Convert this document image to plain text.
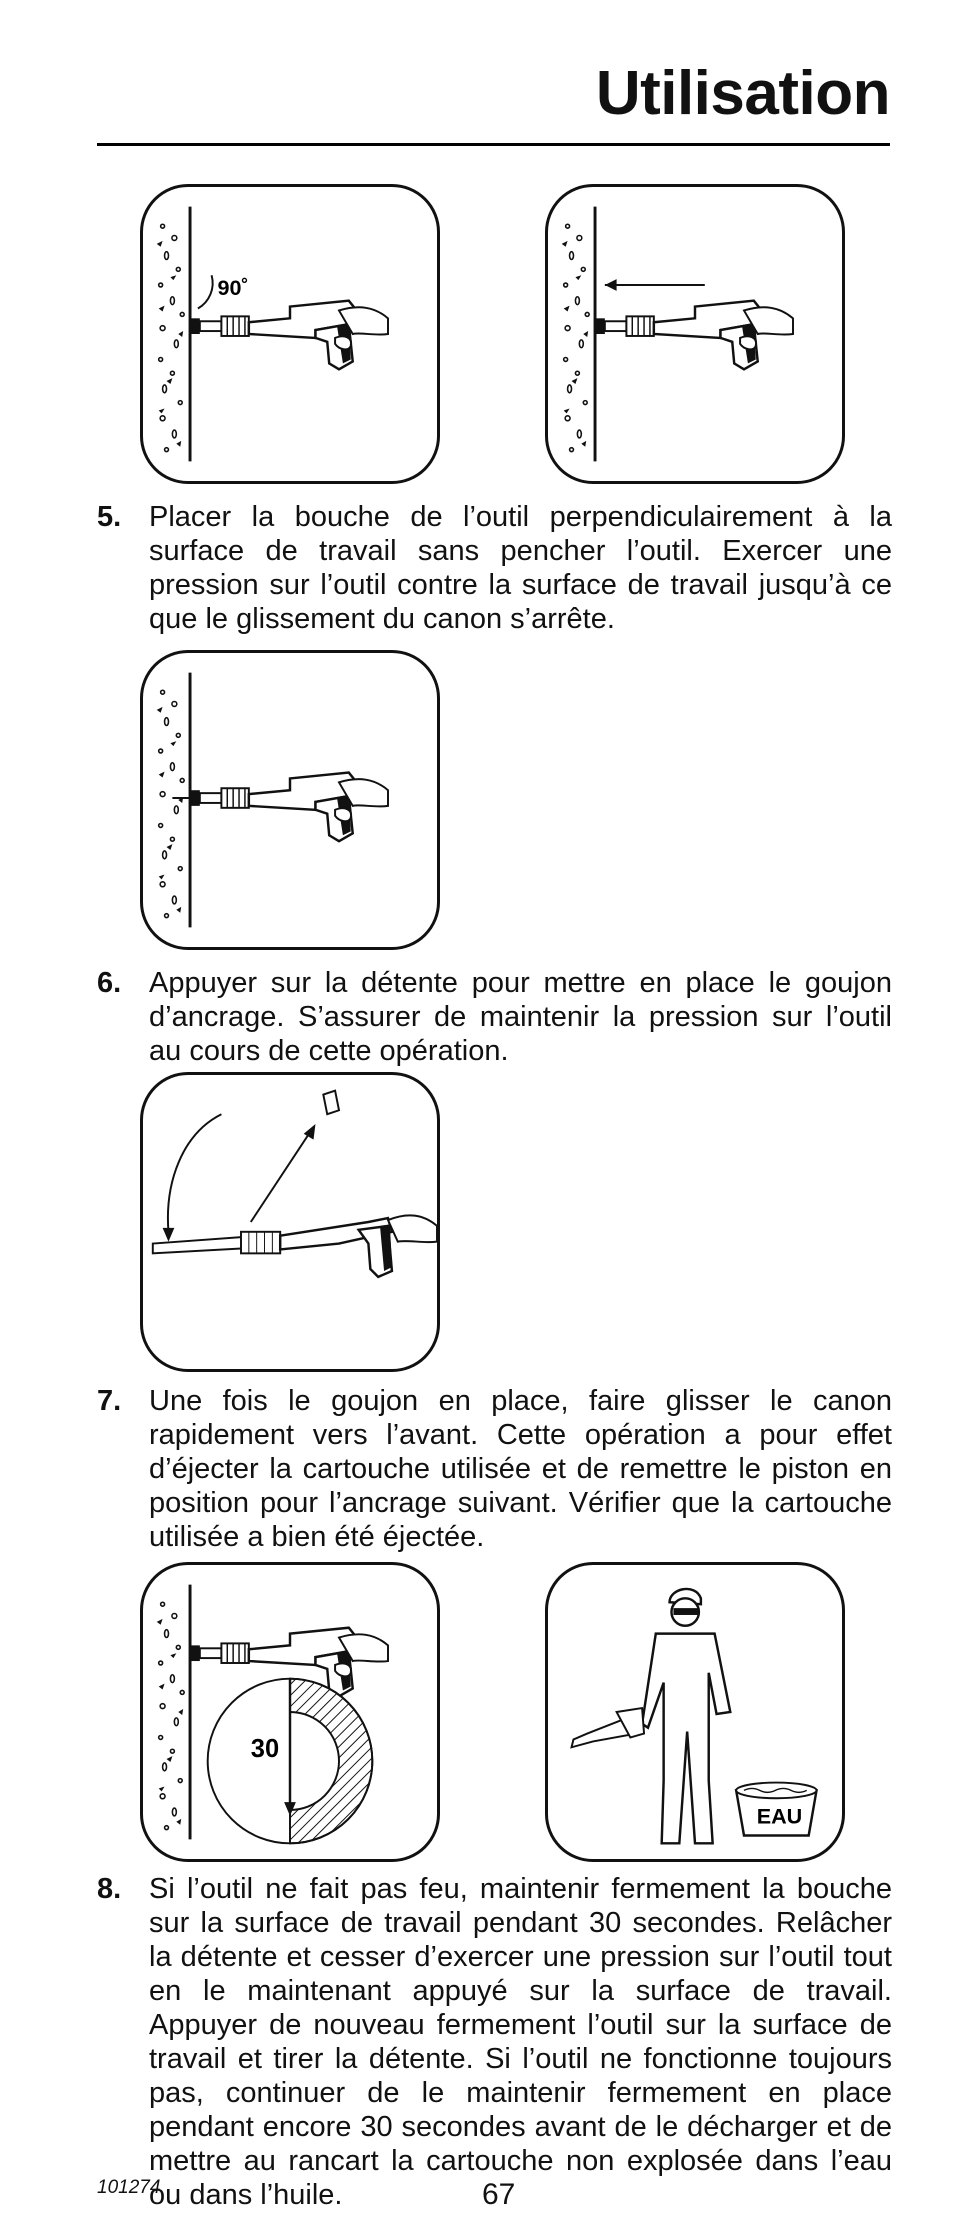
Utilisation
90˚
5. Placer la bouche de l’outil perpendiculairement à la surface de travail sans pencher l’outil. Exercer une pression sur l’outil contre la surface de travail jusqu’à ce que le glissement du canon s’arrête.
6. Appuyer sur la détente pour mettre en place le goujon d’ancrage. S’assurer de maintenir la pression sur l’outil au cours de cette opération.
7. Une fois le goujon en place, faire glisser le canon rapidement vers l’avant. Cette opération a pour effet d’éjecter la cartouche utilisée et de remettre le piston en position pour l’ancrage suivant. Vérifier que la cartouche utilisée a bien été éjectée.
30
EAU
8. Si l’outil ne fait pas feu, maintenir fermement la bouche sur la surface de travail pendant 30 secondes. Relâcher la détente et cesser d’exercer une pression sur l’outil tout en le maintenant appuyé sur la surface de travail. Appuyer de nouveau fermement l’outil sur la surface de travail et tirer la détente. Si l’outil ne fonctionne toujours pas, continuer de le maintenir fermement en place pendant encore 30 secondes avant de le décharger et de mettre au rancart la cartouche non explosée dans l’eau ou dans l’huile.
101274	67
